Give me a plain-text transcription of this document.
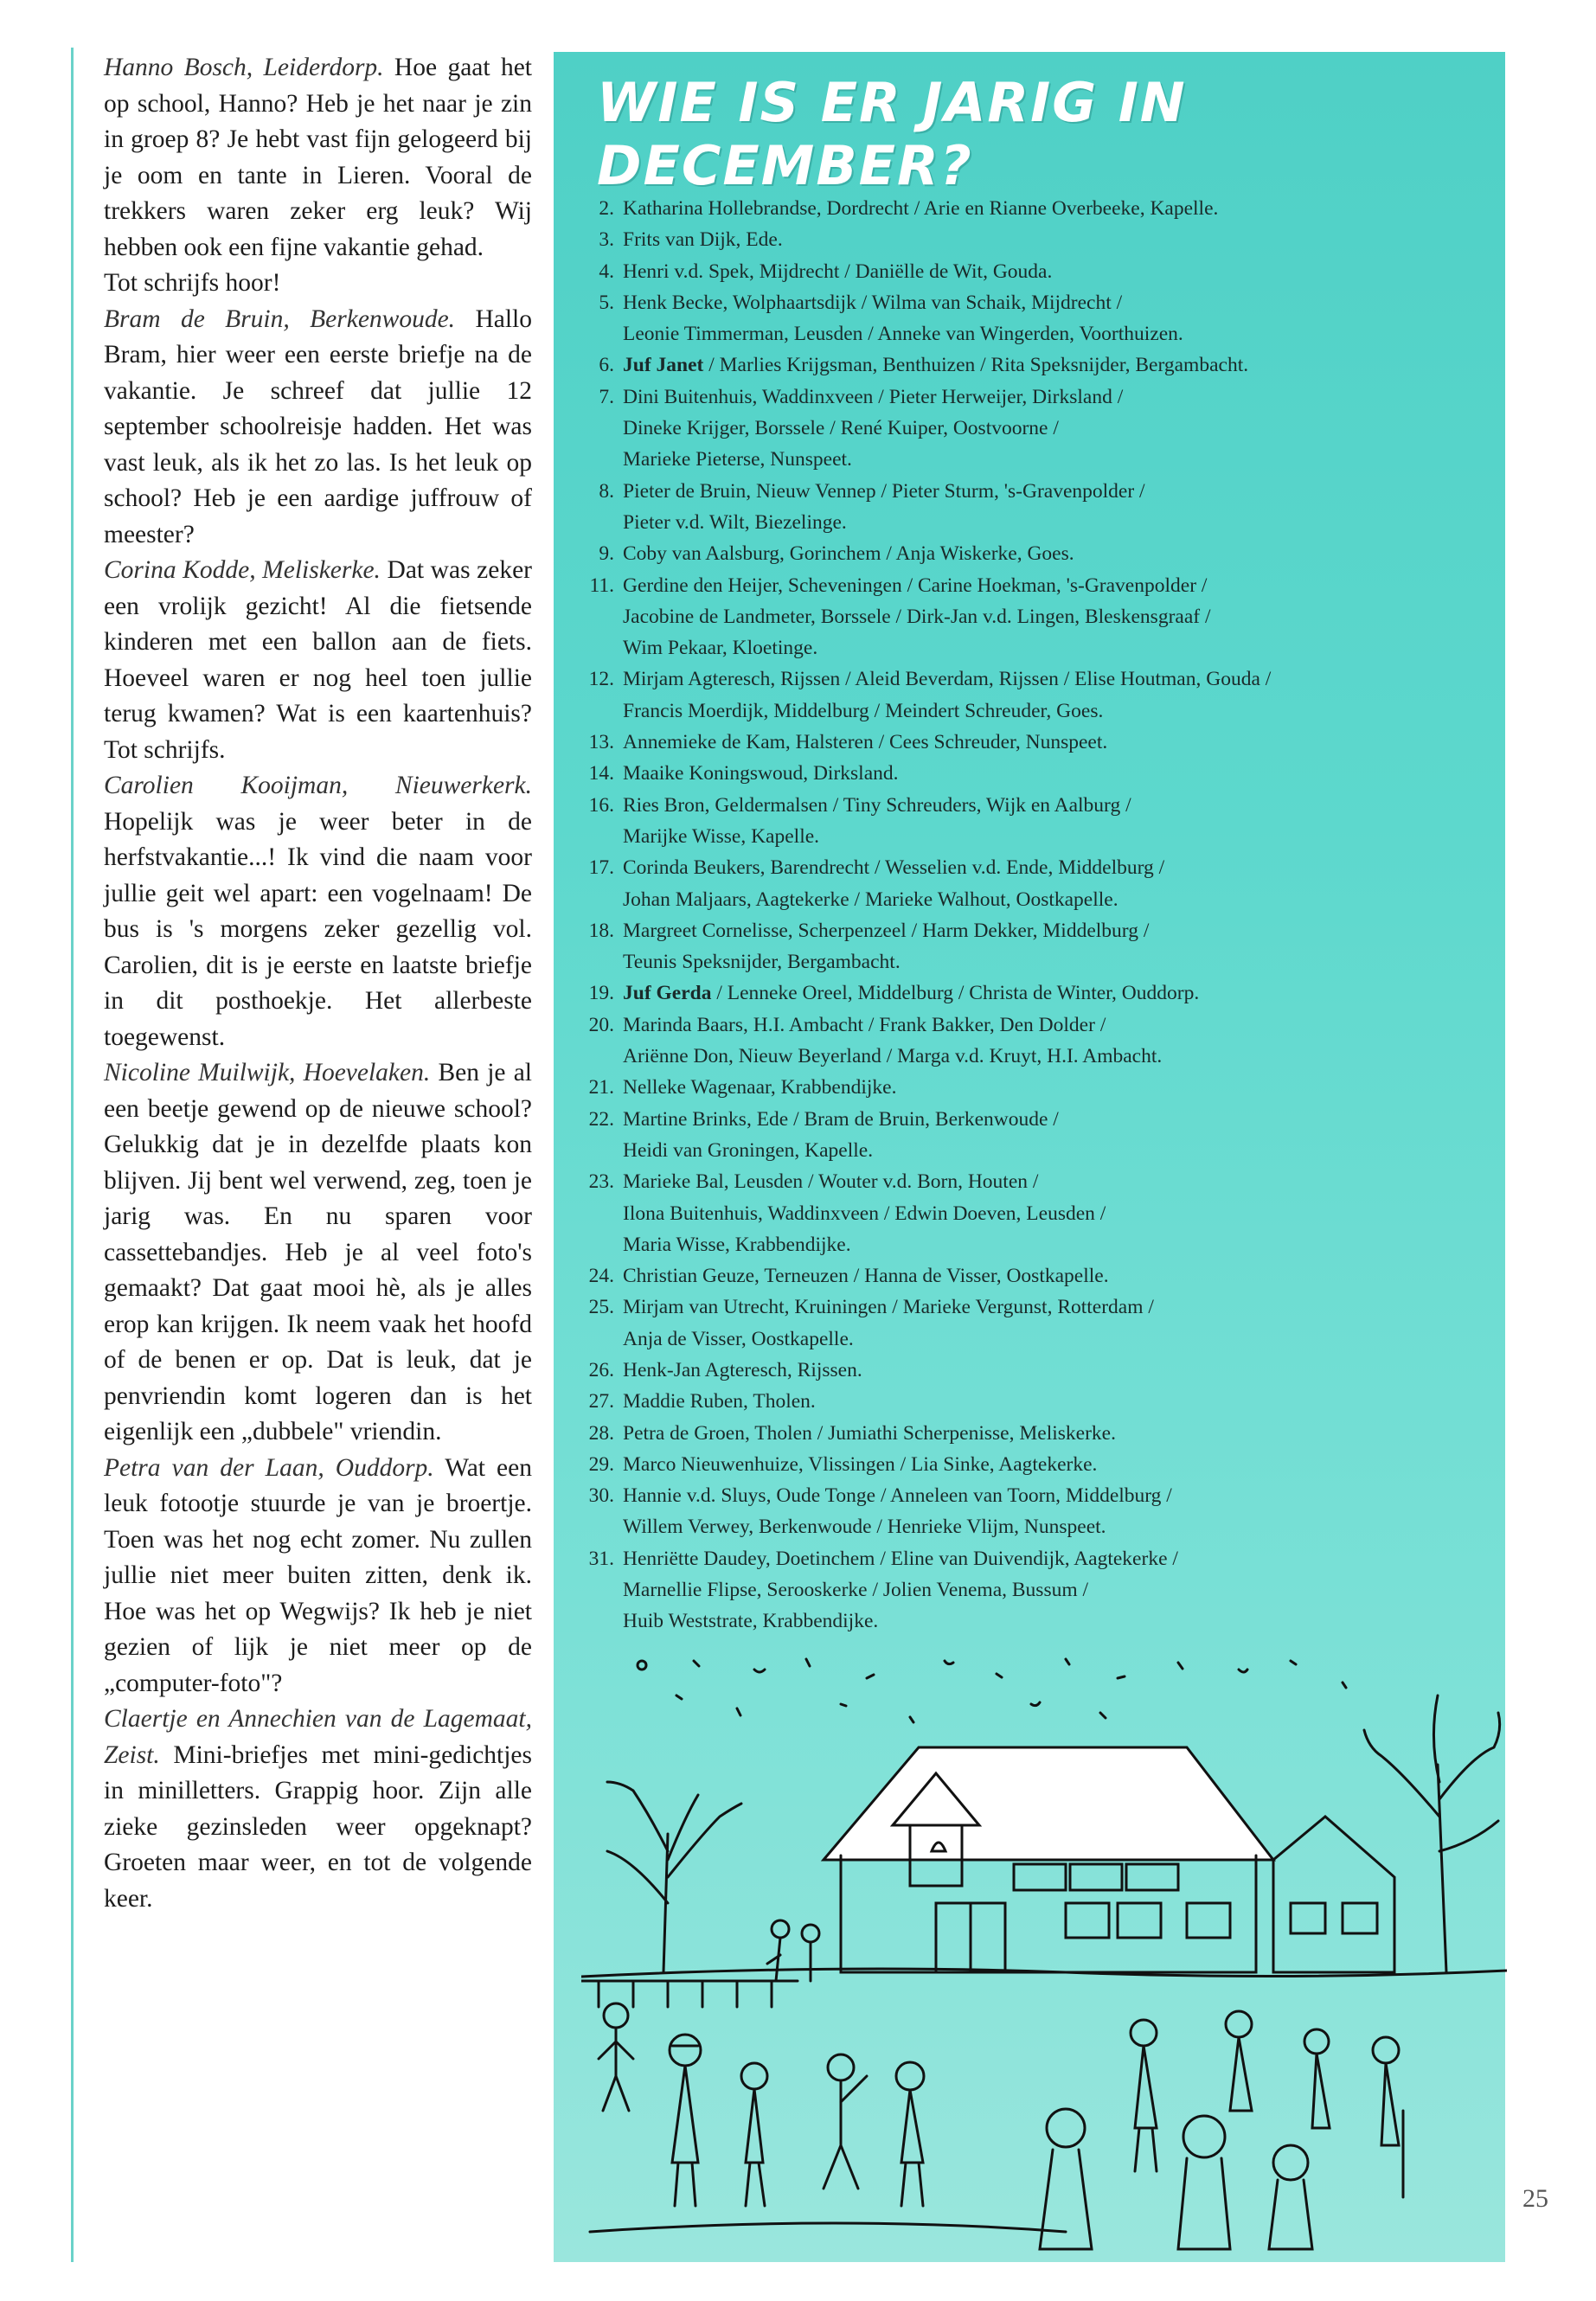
Hanno Bosch, Leiderdorp. Hoe gaat het op school, Hanno? Heb je het naar je zin in groep 8? Je hebt vast fijn gelogeerd bij je oom en tante in Lieren. Vooral de trekkers waren zeker erg leuk? Wij hebben ook een fijne vakantie gehad.

Tot schrijfs hoor!

Bram de Bruin, Berkenwoude. Hallo Bram, hier weer een eerste briefje na de vakantie. Je schreef dat jullie 12 september schoolreisje hadden. Het was vast leuk, als ik het zo las. Is het leuk op school? Heb je een aardige juffrouw of meester?

Corina Kodde, Meliskerke. Dat was zeker een vrolijk gezicht! Al die fietsende kinderen met een ballon aan de fiets. Hoeveel waren er nog heel toen jullie terug kwamen? Wat is een kaartenhuis? Tot schrijfs.

Carolien Kooijman, Nieuwerkerk. Hopelijk was je weer beter in de herfstvakantie...! Ik vind die naam voor jullie geit wel apart: een vogelnaam! De bus is 's morgens zeker gezellig vol. Carolien, dit is je eerste en laatste briefje in dit posthoekje. Het allerbeste toegewenst.

Nicoline Muilwijk, Hoevelaken. Ben je al een beetje gewend op de nieuwe school? Gelukkig dat je in dezelfde plaats kon blijven. Jij bent wel verwend, zeg, toen je jarig was. En nu sparen voor cassettebandjes. Heb je al veel foto's gemaakt? Dat gaat mooi hè, als je alles erop kan krijgen. Ik neem vaak het hoofd of de benen er op. Dat is leuk, dat je penvriendin komt logeren dan is het eigenlijk een „dubbele" vriendin.

Petra van der Laan, Ouddorp. Wat een leuk fotootje stuurde je van je broertje. Toen was het nog echt zomer. Nu zullen jullie niet meer buiten zitten, denk ik. Hoe was het op Wegwijs? Ik heb je niet gezien of lijk je niet meer op de „computer-foto"?

Claertje en Annechien van de Lagemaat, Zeist. Mini-briefjes met mini-gedichtjes in minilletters. Grappig hoor. Zijn alle zieke gezinsleden weer opgeknapt? Groeten maar weer, en tot de volgende keer.

WIE IS ER JARIG IN DECEMBER?
2. Katharina Hollebrandse, Dordrecht / Arie en Rianne Overbeeke, Kapelle.
3. Frits van Dijk, Ede.
4. Henri v.d. Spek, Mijdrecht / Daniëlle de Wit, Gouda.
5. Henk Becke, Wolphaartsdijk / Wilma van Schaik, Mijdrecht /
Leonie Timmerman, Leusden / Anneke van Wingerden, Voorthuizen.
6. Juf Janet / Marlies Krijgsman, Benthuizen / Rita Speksnijder, Bergambacht.
7. Dini Buitenhuis, Waddinxveen / Pieter Herweijer, Dirksland /
Dineke Krijger, Borssele / René Kuiper, Oostvoorne /
Marieke Pieterse, Nunspeet.
8. Pieter de Bruin, Nieuw Vennep / Pieter Sturm, 's-Gravenpolder /
Pieter v.d. Wilt, Biezelinge.
9. Coby van Aalsburg, Gorinchem / Anja Wiskerke, Goes.
11. Gerdine den Heijer, Scheveningen / Carine Hoekman, 's-Gravenpolder /
Jacobine de Landmeter, Borssele / Dirk-Jan v.d. Lingen, Bleskensgraaf /
Wim Pekaar, Kloetinge.
12. Mirjam Agteresch, Rijssen / Aleid Beverdam, Rijssen / Elise Houtman, Gouda /
Francis Moerdijk, Middelburg / Meindert Schreuder, Goes.
13. Annemieke de Kam, Halsteren / Cees Schreuder, Nunspeet.
14. Maaike Koningswoud, Dirksland.
16. Ries Bron, Geldermalsen / Tiny Schreuders, Wijk en Aalburg /
Marijke Wisse, Kapelle.
17. Corinda Beukers, Barendrecht / Wesselien v.d. Ende, Middelburg /
Johan Maljaars, Aagtekerke / Marieke Walhout, Oostkapelle.
18. Margreet Cornelisse, Scherpenzeel / Harm Dekker, Middelburg /
Teunis Speksnijder, Bergambacht.
19. Juf Gerda / Lenneke Oreel, Middelburg / Christa de Winter, Ouddorp.
20. Marinda Baars, H.I. Ambacht / Frank Bakker, Den Dolder /
Ariënne Don, Nieuw Beyerland / Marga v.d. Kruyt, H.I. Ambacht.
21. Nelleke Wagenaar, Krabbendijke.
22. Martine Brinks, Ede / Bram de Bruin, Berkenwoude /
Heidi van Groningen, Kapelle.
23. Marieke Bal, Leusden / Wouter v.d. Born, Houten /
Ilona Buitenhuis, Waddinxveen / Edwin Doeven, Leusden /
Maria Wisse, Krabbendijke.
24. Christian Geuze, Terneuzen / Hanna de Visser, Oostkapelle.
25. Mirjam van Utrecht, Kruiningen / Marieke Vergunst, Rotterdam /
Anja de Visser, Oostkapelle.
26. Henk-Jan Agteresch, Rijssen.
27. Maddie Ruben, Tholen.
28. Petra de Groen, Tholen / Jumiathi Scherpenisse, Meliskerke.
29. Marco Nieuwenhuize, Vlissingen / Lia Sinke, Aagtekerke.
30. Hannie v.d. Sluys, Oude Tonge / Anneleen van Toorn, Middelburg /
Willem Verwey, Berkenwoude / Henrieke Vlijm, Nunspeet.
31. Henriëtte Daudey, Doetinchem / Eline van Duivendijk, Aagtekerke /
Marnellie Flipse, Serooskerke / Jolien Venema, Bussum /
Huib Weststrate, Krabbendijke.
25
